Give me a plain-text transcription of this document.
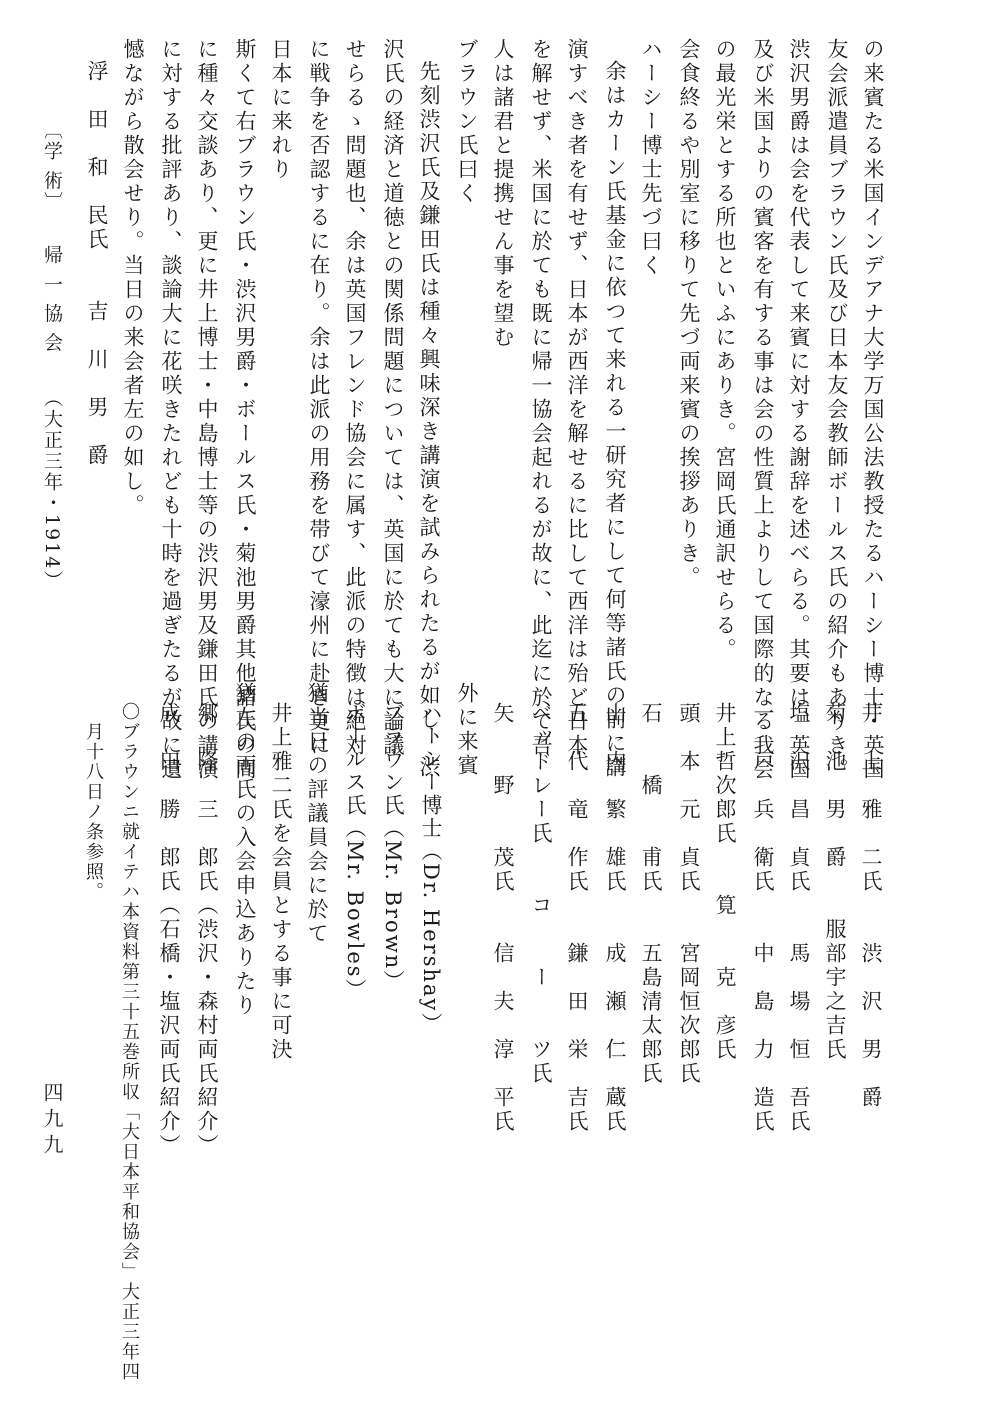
の来賓たる米国インデアナ大学万国公法教授たるハーシー博士・英国
友会派遣員ブラウン氏及び日本友会教師ボールス氏の紹介もありき。
渋沢男爵は会を代表して来賓に対する謝辞を述べらる。其要は、英国
及び米国よりの賓客を有する事は会の性質上よりして国際的なる我会
の最光栄とする所也といふにありき。宮岡氏通訳せらる。
会食終るや別室に移りて先づ両来賓の挨拶ありき。
ハーシー博士先づ曰く
余はカーン氏基金に依つて来れる一研究者にして何等諸氏の前に講
演すべき者を有せず、日本が西洋を解せるに比して西洋は殆ど日本
を解せず、米国に於ても既に帰一協会起れるが故に、此迄に於て吾
人は諸君と提携せん事を望む
ブラウン氏曰く
先刻渋沢氏及鎌田氏は種々興味深き講演を試みられたるが如し、渋
沢氏の経済と道徳との関係問題については、英国に於ても大に論議
せらるゝ問題也、余は英国フレンド協会に属す、此派の特徴は絶対
に戦争を否認するに在り。余は此派の用務を帯びて濠州に赴き更に
日本に来れり
斯くて右ブラウン氏・渋沢男爵・ボールス氏・菊池男爵其他諸氏の間
に種々交談あり、更に井上博士・中島博士等の渋沢男及鎌田氏の講演
に対する批評あり、談論大に花咲きたれども十時を過ぎたるが故に遺
憾ながら散会せり。当日の来会者左の如し。
浮　田　和　民氏　　吉　川　男　爵
〔学 術〕
帰 一 協 会
（大正三年・1914）
井　上　雅　二氏　　渋　沢　男　爵
菊　池　男　爵　　服部宇之吉氏
塩　沢　昌　貞氏　　馬　場　恒　吾氏
一　戸　兵　衛氏　　中　島　力　造氏
井上哲次郎氏　　筧　　克　彦氏
頭　本　元　貞氏　　宮岡恒次郎氏
石　　橋　　甫氏　　五島清太郎氏
山　内　繁　雄氏　　成　瀬　仁　蔵氏
五　代　竜　作氏　　鎌　田　栄　吉氏
ベッドレー氏　　コ　　ー　　ツ氏
矢　　野　　茂氏　　信　夫　淳　平氏
外に来賓
ハーシー博士（Dr. Hershay）
ブラウン氏（Mr. Brown）
ボールス氏（Mr. Bowles）
猶当日の評議員会に於て
井上雅二氏を会員とする事に可決
猶左の両氏の入会申込ありたり
郷　隆　三　郎氏（渋沢・森村両氏紹介）
成　田　勝　郎氏（石橋・塩沢両氏紹介）
〇ブラウンニ就イテハ本資料第三十五巻所収「大日本平和協会」大正三年四
月十八日ノ条参照。
四九九
